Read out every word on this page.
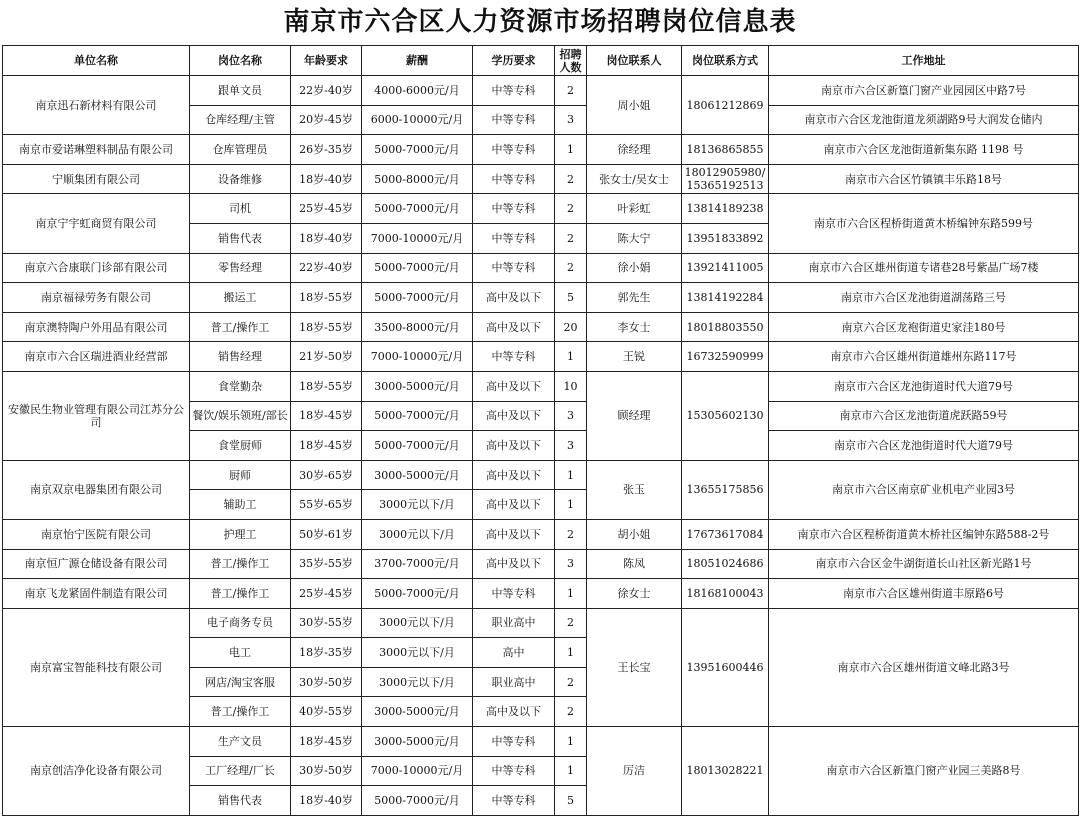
南京市六合区人力资源市场招聘岗位信息表
单位名称	岗位名称	年龄要求	薪酬	学历要求	招聘人数	岗位联系人	岗位联系方式	工作地址
南京迅石新材料有限公司	跟单文员	22岁-40岁	4000-6000元/月	中等专科	2	周小姐	18061212869	南京市六合区新篁门窗产业园园区中路7号
	仓库经理/主管	20岁-45岁	6000-10000元/月	中等专科	3			南京市六合区龙池街道龙须湖路9号大润发仓储内
南京市爱诺琳塑料制品有限公司	仓库管理员	26岁-35岁	5000-7000元/月	中等专科	1	徐经理	18136865855	南京市六合区龙池街道新集东路 1198 号
宁顺集团有限公司	设备维修	18岁-40岁	5000-8000元/月	中等专科	2	张女士/吴女士	18012905980/15365192513	南京市六合区竹镇镇丰乐路18号
南京宁宇虹商贸有限公司	司机	25岁-45岁	5000-7000元/月	中等专科	2	叶彩虹	13814189238	南京市六合区程桥街道黄木桥编钟东路599号
	销售代表	18岁-40岁	7000-10000元/月	中等专科	2	陈大宁	13951833892	
南京六合康联门诊部有限公司	零售经理	22岁-40岁	5000-7000元/月	中等专科	2	徐小娟	13921411005	南京市六合区雄州街道专诸巷28号紫晶广场7楼
南京福禄劳务有限公司	搬运工	18岁-55岁	5000-7000元/月	高中及以下	5	郭先生	13814192284	南京市六合区龙池街道湖荡路三号
南京澳特陶户外用品有限公司	普工/操作工	18岁-55岁	3500-8000元/月	高中及以下	20	李女士	18018803550	南京六合区龙袍街道史家洼180号
南京市六合区瑞进酒业经营部	销售经理	21岁-50岁	7000-10000元/月	中等专科	1	王锐	16732590999	南京市六合区雄州街道雄州东路117号
安徽民生物业管理有限公司江苏分公司	食堂勤杂	18岁-55岁	3000-5000元/月	高中及以下	10	顾经理	15305602130	南京市六合区龙池街道时代大道79号
	餐饮/娱乐领班/部长	18岁-45岁	5000-7000元/月	高中及以下	3			南京市六合区龙池街道虎跃路59号
	食堂厨师	18岁-45岁	5000-7000元/月	高中及以下	3			南京市六合区龙池街道时代大道79号
南京双京电器集团有限公司	厨师	30岁-65岁	3000-5000元/月	高中及以下	1	张玉	13655175856	南京市六合区南京矿业机电产业园3号
	辅助工	55岁-65岁	3000元以下/月	高中及以下	1			
南京怡宁医院有限公司	护理工	50岁-61岁	3000元以下/月	高中及以下	2	胡小姐	17673617084	南京市六合区程桥街道黄木桥社区编钟东路588-2号
南京恒广源仓储设备有限公司	普工/操作工	35岁-55岁	3700-7000元/月	高中及以下	3	陈凤	18051024686	南京市六合区金牛湖街道长山社区新光路1号
南京飞龙紧固件制造有限公司	普工/操作工	25岁-45岁	5000-7000元/月	中等专科	1	徐女士	18168100043	南京市六合区雄州街道丰原路6号
南京富宝智能科技有限公司	电子商务专员	30岁-55岁	3000元以下/月	职业高中	2	王长宝	13951600446	南京市六合区雄州街道文峰北路3号
	电工	18岁-35岁	3000元以下/月	高中	1			
	网店/淘宝客服	30岁-50岁	3000元以下/月	职业高中	2			
	普工/操作工	40岁-55岁	3000-5000元/月	高中及以下	2			
南京创洁净化设备有限公司	生产文员	18岁-45岁	3000-5000元/月	中等专科	1	厉洁	18013028221	南京市六合区新篁门窗产业园三美路8号
	工厂经理/厂长	30岁-50岁	7000-10000元/月	中等专科	1			
	销售代表	18岁-40岁	5000-7000元/月	中等专科	5			
